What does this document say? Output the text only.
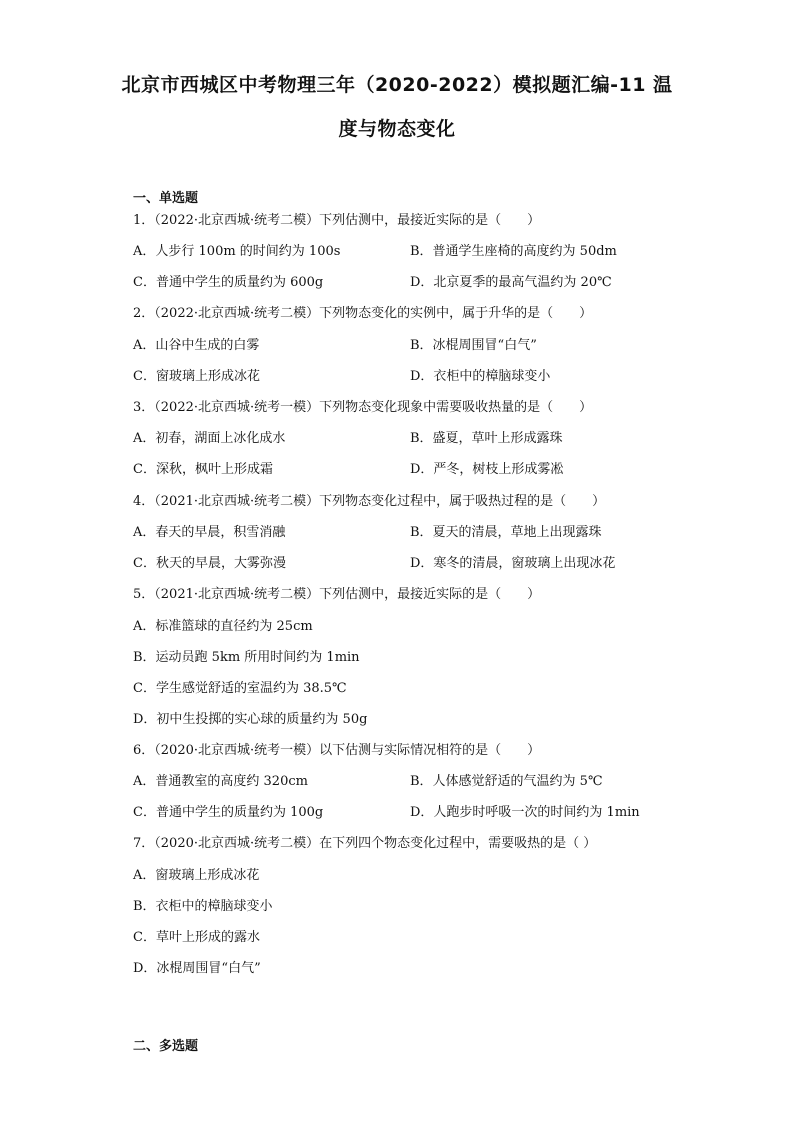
北京市西城区中考物理三年（2020-2022）模拟题汇编-11 温
度与物态变化
一、单选题
1．（2022·北京西城·统考二模）下列估测中，最接近实际的是（　　）
A．人步行 100m 的时间约为 100s	B．普通学生座椅的高度约为 50dm
C．普通中学生的质量约为 600g	D．北京夏季的最高气温约为 20℃
2．（2022·北京西城·统考二模）下列物态变化的实例中，属于升华的是（　　）
A．山谷中生成的白雾	B．冰棍周围冒“白气”
C．窗玻璃上形成冰花	D．衣柜中的樟脑球变小
3．（2022·北京西城·统考一模）下列物态变化现象中需要吸收热量的是（　　）
A．初春，湖面上冰化成水	B．盛夏，草叶上形成露珠
C．深秋，枫叶上形成霜	D．严冬，树枝上形成雾凇
4．（2021·北京西城·统考二模）下列物态变化过程中，属于吸热过程的是（　　）
A．春天的早晨，积雪消融	B．夏天的清晨，草地上出现露珠
C．秋天的早晨，大雾弥漫	D．寒冬的清晨，窗玻璃上出现冰花
5．（2021·北京西城·统考二模）下列估测中，最接近实际的是（　　）
A．标准篮球的直径约为 25cm
B．运动员跑 5km 所用时间约为 1min
C．学生感觉舒适的室温约为 38.5℃
D．初中生投掷的实心球的质量约为 50g
6．（2020·北京西城·统考一模）以下估测与实际情况相符的是（　　）
A．普通教室的高度约 320cm	B．人体感觉舒适的气温约为 5℃
C．普通中学生的质量约为 100g	D．人跑步时呼吸一次的时间约为 1min
7．（2020·北京西城·统考二模）在下列四个物态变化过程中，需要吸热的是（ ）
A．窗玻璃上形成冰花
B．衣柜中的樟脑球变小
C．草叶上形成的露水
D．冰棍周围冒“白气”
二、多选题
